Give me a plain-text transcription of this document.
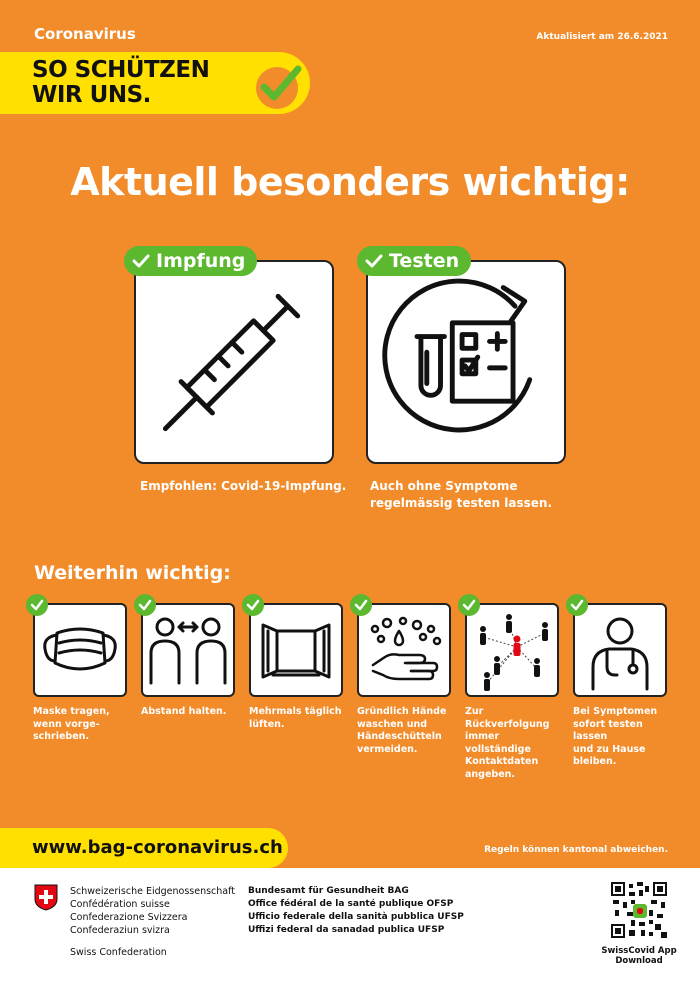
Coronavirus	Aktualisiert am 26.6.2021
SO SCHÜTZEN
WIR UNS.
Aktuell besonders wichtig:
Impfung
Empfohlen: Covid-19-Impfung.
Testen
Auch ohne Symptome
regelmässig testen lassen.
Weiterhin wichtig:
Maske tragen,
wenn vorge-
schrieben.
Abstand halten.	Mehrmals täglich
lüften.
Gründlich Hände
waschen und
Händeschütteln
vermeiden.
Zur Rückverfolgung
immer vollständige
Kontaktdaten
angeben.
Bei Symptomen
sofort testen lassen
und zu Hause
bleiben.
www.bag-coronavirus.ch	Regeln können kantonal abweichen.
Schweizerische Eidgenossenschaft
Confédération suisse
Confederazione Svizzera
Confederaziun svizra
Swiss Confederation
Bundesamt für Gesundheit BAG
Office fédéral de la santé publique OFSP
Ufficio federale della sanità pubblica UFSP
Uffizi federal da sanadad publica UFSP
SwissCovid App
Download
